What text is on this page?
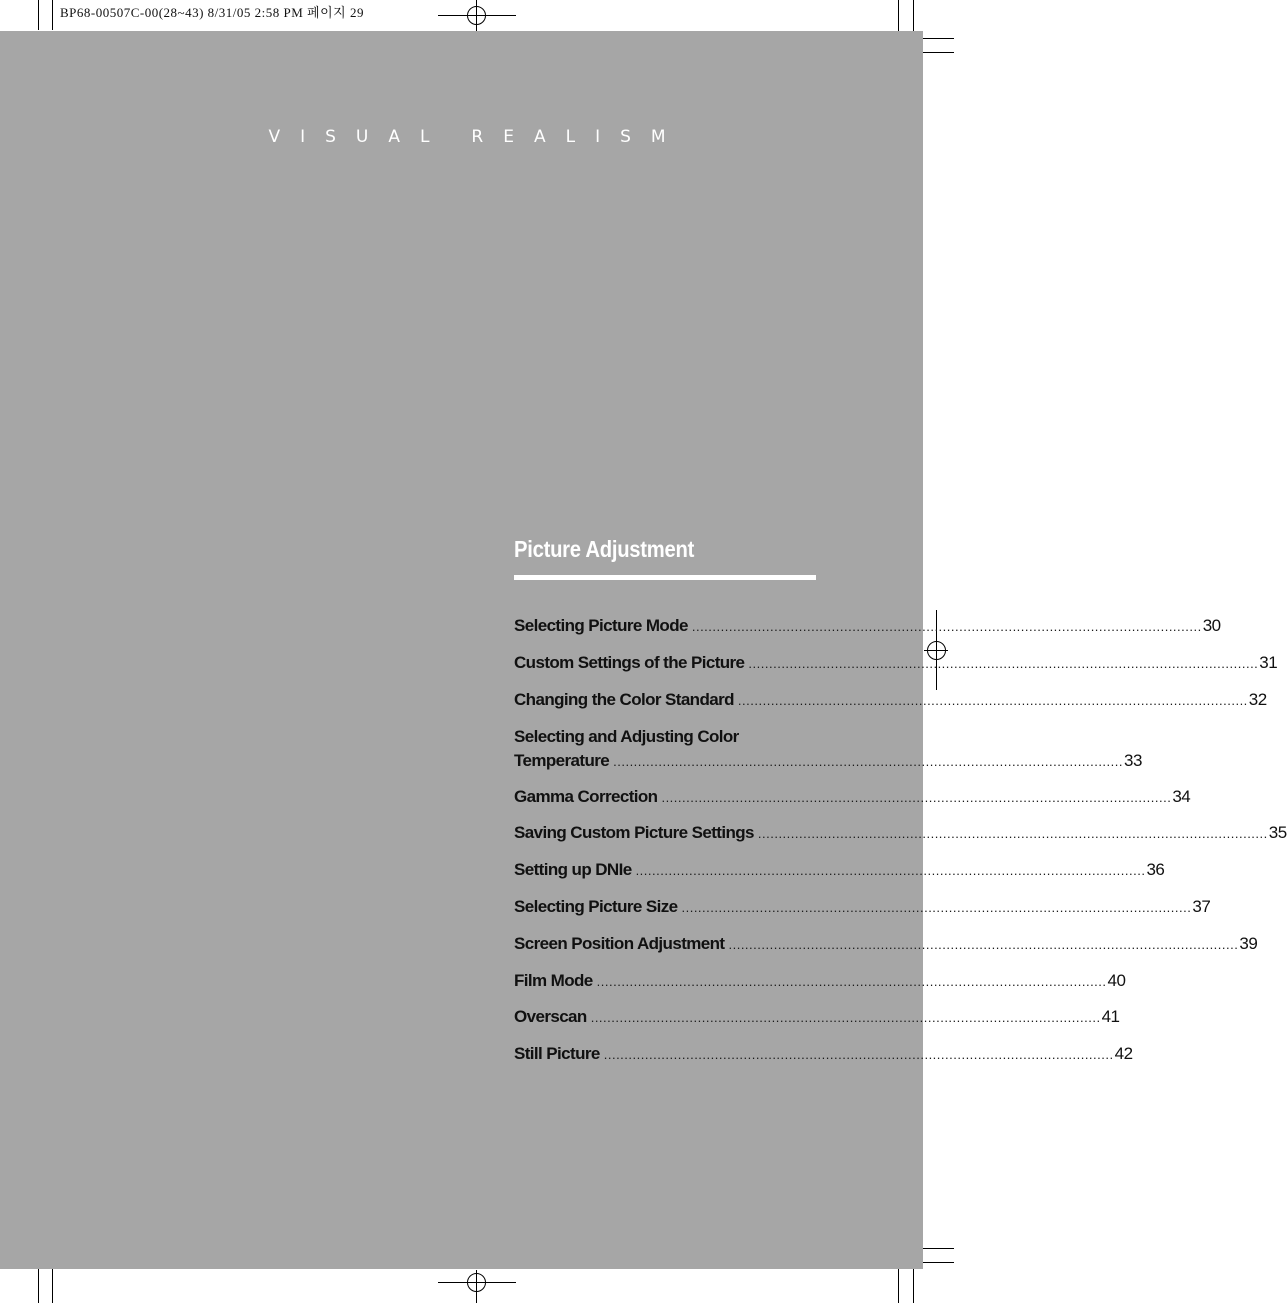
BP68-00507C-00(28~43) 8/31/05 2:58 PM 페이지 29
VISUAL REALISM
Picture Adjustment
Selecting Picture Mode ............................................................................................................................ 30
Custom Settings of the Picture ............................................................................................................................ 31
Changing the Color Standard ............................................................................................................................ 32
Selecting and Adjusting Color
Temperature ............................................................................................................................ 33
Gamma Correction ............................................................................................................................ 34
Saving Custom Picture Settings ............................................................................................................................ 35
Setting up DNIe ............................................................................................................................ 36
Selecting Picture Size ............................................................................................................................ 37
Screen Position Adjustment ............................................................................................................................ 39
Film Mode ............................................................................................................................ 40
Overscan ............................................................................................................................ 41
Still Picture ............................................................................................................................ 42
